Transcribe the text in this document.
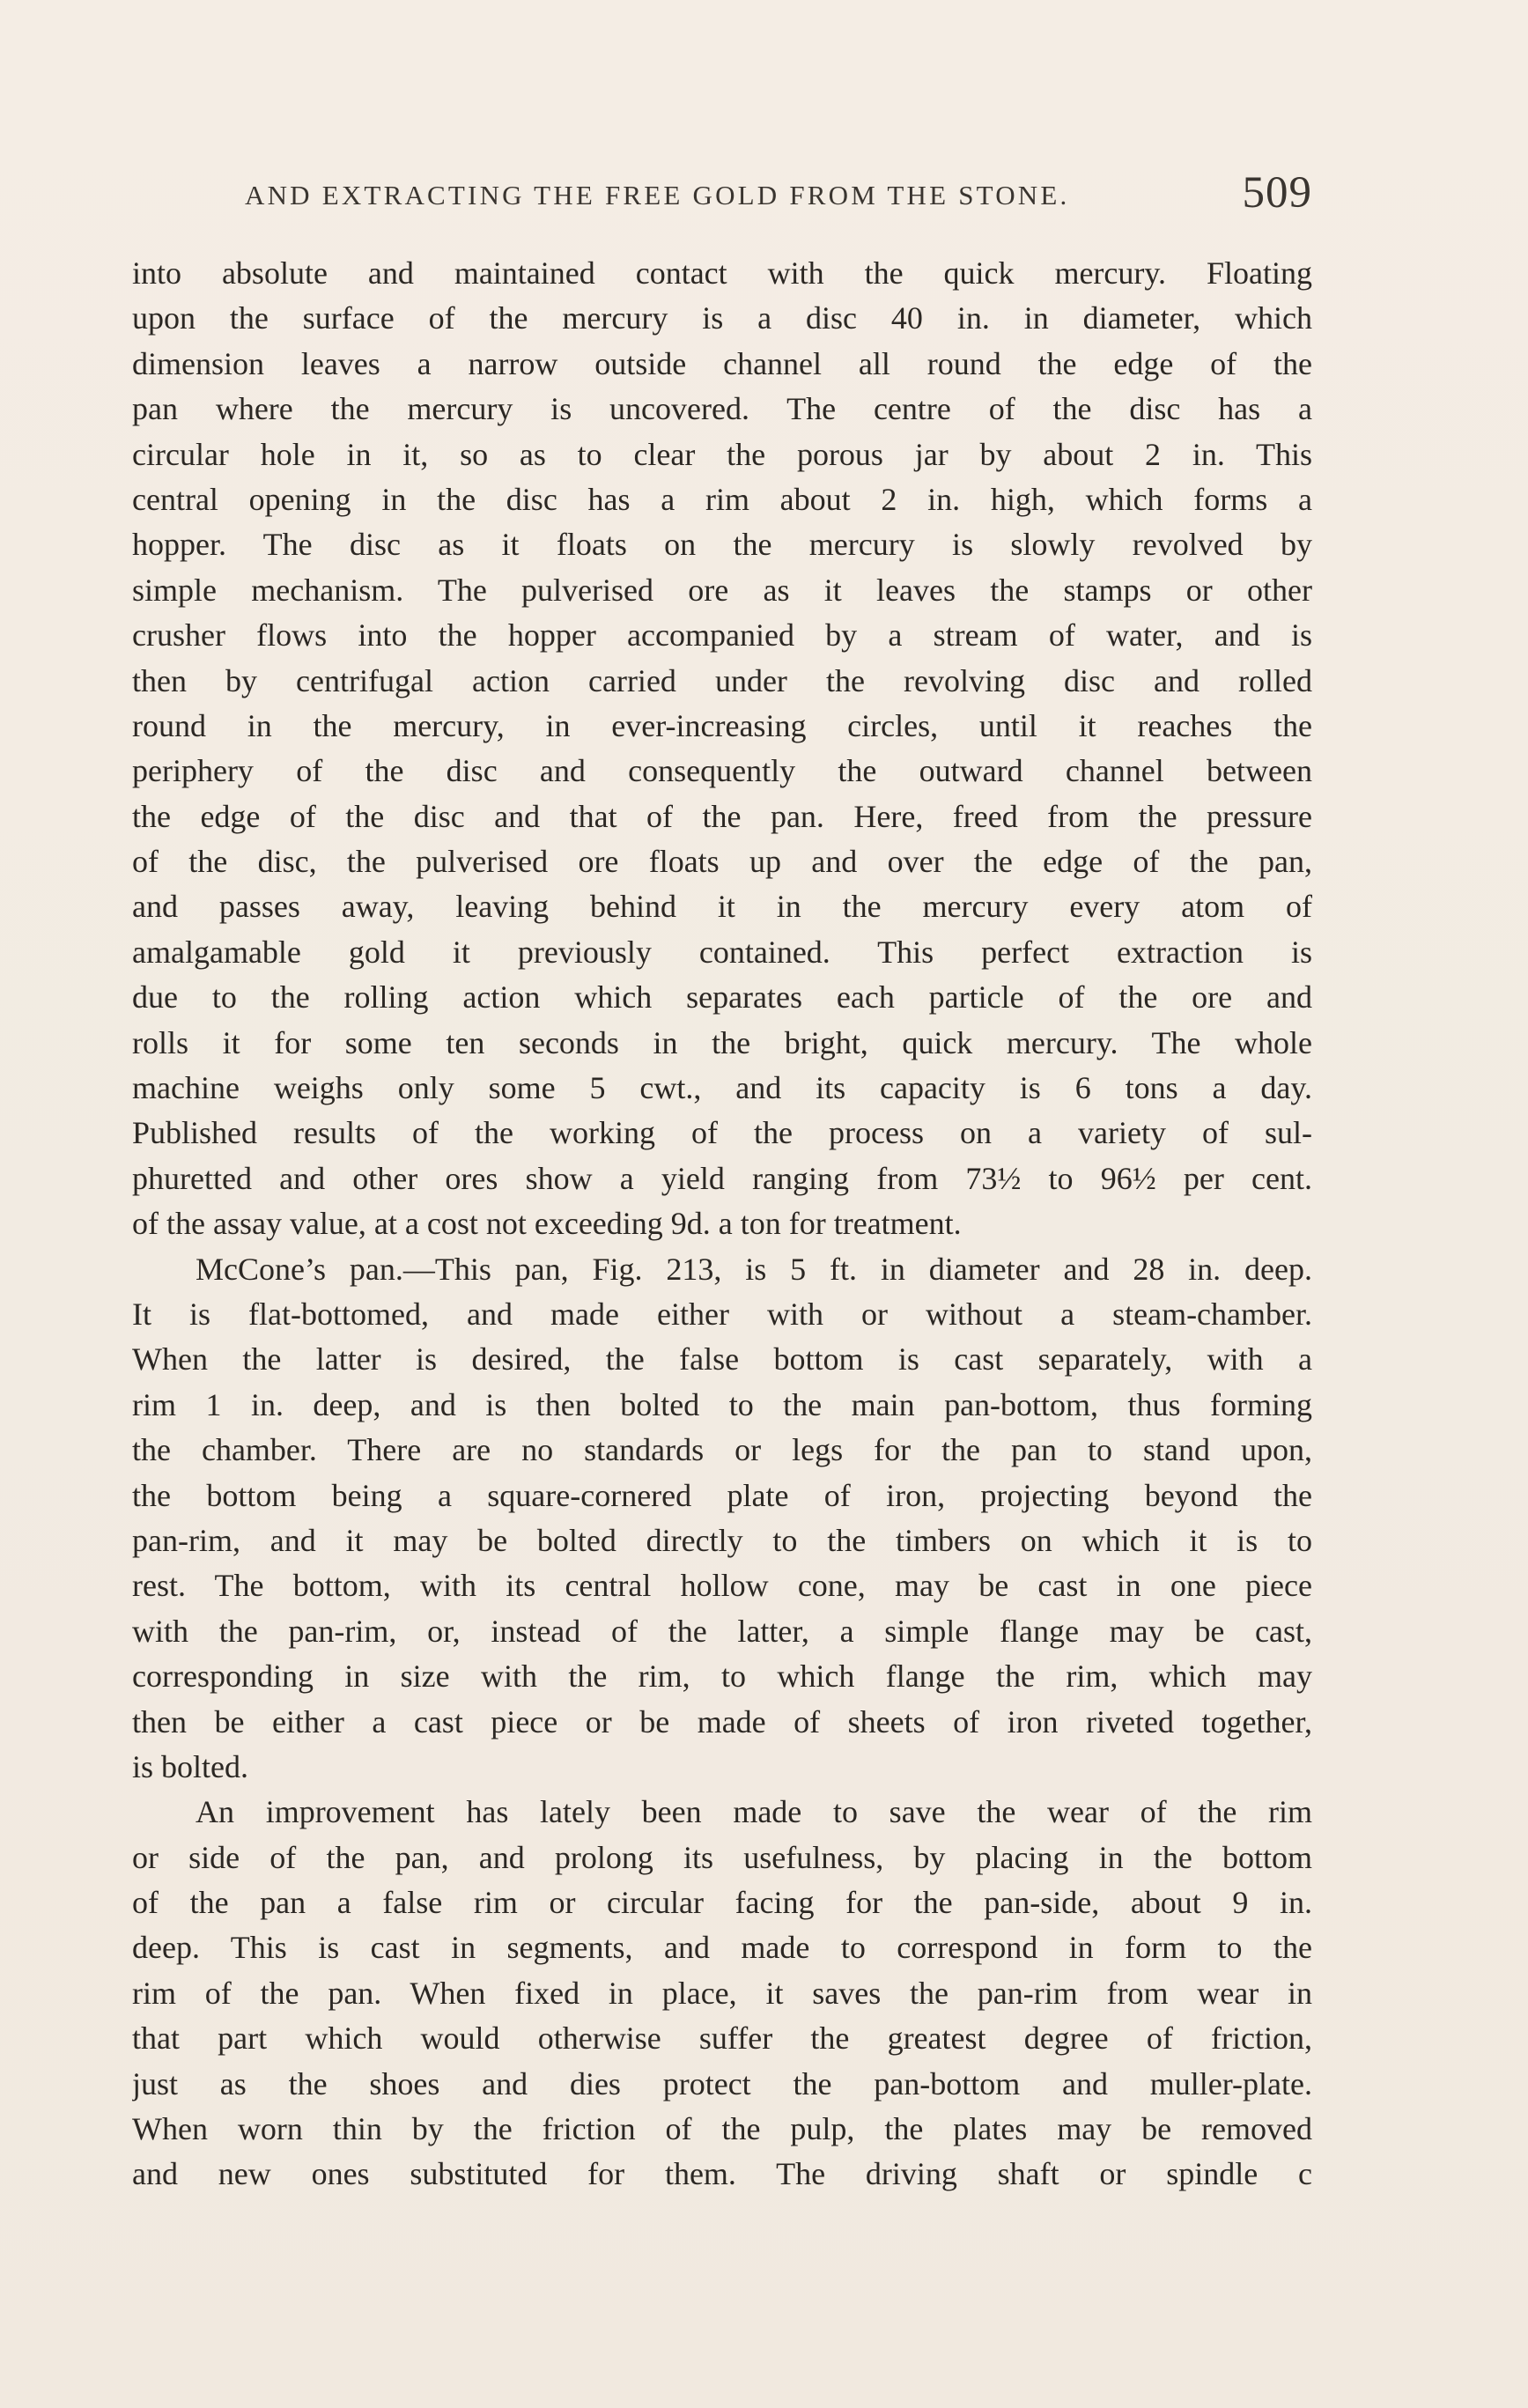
AND EXTRACTING THE FREE GOLD FROM THE STONE.	509
into absolute and maintained contact with the quick mercury. Floating
upon the surface of the mercury is a disc 40 in. in diameter, which
dimension leaves a narrow outside channel all round the edge of the
pan where the mercury is uncovered. The centre of the disc has a
circular hole in it, so as to clear the porous jar by about 2 in. This
central opening in the disc has a rim about 2 in. high, which forms a
hopper. The disc as it floats on the mercury is slowly revolved by
simple mechanism. The pulverised ore as it leaves the stamps or other
crusher flows into the hopper accompanied by a stream of water, and is
then by centrifugal action carried under the revolving disc and rolled
round in the mercury, in ever-increasing circles, until it reaches the
periphery of the disc and consequently the outward channel between
the edge of the disc and that of the pan. Here, freed from the pressure
of the disc, the pulverised ore floats up and over the edge of the pan,
and passes away, leaving behind it in the mercury every atom of
amalgamable gold it previously contained. This perfect extraction is
due to the rolling action which separates each particle of the ore and
rolls it for some ten seconds in the bright, quick mercury. The whole
machine weighs only some 5 cwt., and its capacity is 6 tons a day.
Published results of the working of the process on a variety of sul-
phuretted and other ores show a yield ranging from 73½ to 96½ per cent.
of the assay value, at a cost not exceeding 9d. a ton for treatment.
McCone’s pan.—This pan, Fig. 213, is 5 ft. in diameter and 28 in. deep.
It is flat-bottomed, and made either with or without a steam-chamber.
When the latter is desired, the false bottom is cast separately, with a
rim 1 in. deep, and is then bolted to the main pan-bottom, thus forming
the chamber. There are no standards or legs for the pan to stand upon,
the bottom being a square-cornered plate of iron, projecting beyond the
pan-rim, and it may be bolted directly to the timbers on which it is to
rest. The bottom, with its central hollow cone, may be cast in one piece
with the pan-rim, or, instead of the latter, a simple flange may be cast,
corresponding in size with the rim, to which flange the rim, which may
then be either a cast piece or be made of sheets of iron riveted together,
is bolted.
An improvement has lately been made to save the wear of the rim
or side of the pan, and prolong its usefulness, by placing in the bottom
of the pan a false rim or circular facing for the pan-side, about 9 in.
deep. This is cast in segments, and made to correspond in form to the
rim of the pan. When fixed in place, it saves the pan-rim from wear in
that part which would otherwise suffer the greatest degree of friction,
just as the shoes and dies protect the pan-bottom and muller-plate.
When worn thin by the friction of the pulp, the plates may be removed
and new ones substituted for them. The driving shaft or spindle c
